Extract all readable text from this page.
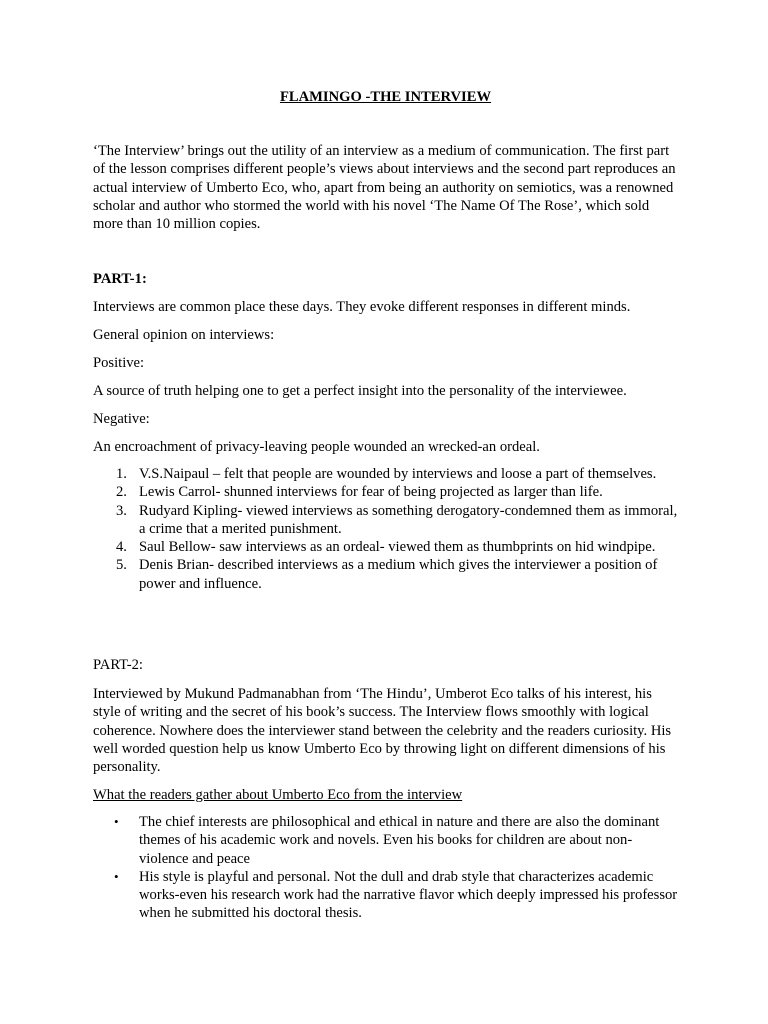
FLAMINGO -THE INTERVIEW
‘The Interview’ brings out the utility of an interview as a medium of communication. The first part of the lesson comprises different people’s views about interviews and the second part reproduces an actual interview of Umberto Eco, who, apart from being an authority on semiotics, was a renowned scholar and author who stormed the world with his novel ‘The Name Of The Rose’, which sold more than 10 million copies.
PART-1:
Interviews are common place these days. They evoke different responses in different minds.
General opinion on interviews:
Positive:
A source of truth helping one to get a perfect insight into the personality of the interviewee.
Negative:
An encroachment of privacy-leaving people wounded an wrecked-an ordeal.
1. V.S.Naipaul – felt that people are wounded by interviews and loose a part of themselves.
2. Lewis Carrol- shunned interviews for fear of being projected as larger than life.
3. Rudyard Kipling- viewed interviews as something derogatory-condemned them as immoral, a crime that a merited punishment.
4. Saul Bellow- saw interviews as an ordeal- viewed them as thumbprints on hid windpipe.
5. Denis Brian- described interviews as a medium which gives the interviewer a position of power and influence.
PART-2:
Interviewed by Mukund Padmanabhan from ‘The Hindu’, Umberot Eco talks of his interest, his style of writing and the secret of his book’s success. The Interview flows smoothly with logical coherence. Nowhere does the interviewer stand between the celebrity and the readers curiosity. His well worded question help us know Umberto Eco by throwing light on different dimensions of his personality.
What the readers gather about Umberto Eco from the interview
• The chief interests are philosophical and ethical in nature and there are also the dominant themes of his academic work and novels. Even his books for children are about non-violence and peace
• His style is playful and personal. Not the dull and drab style that characterizes academic works-even his research work had the narrative flavor which deeply impressed his professor when he submitted his doctoral thesis.
